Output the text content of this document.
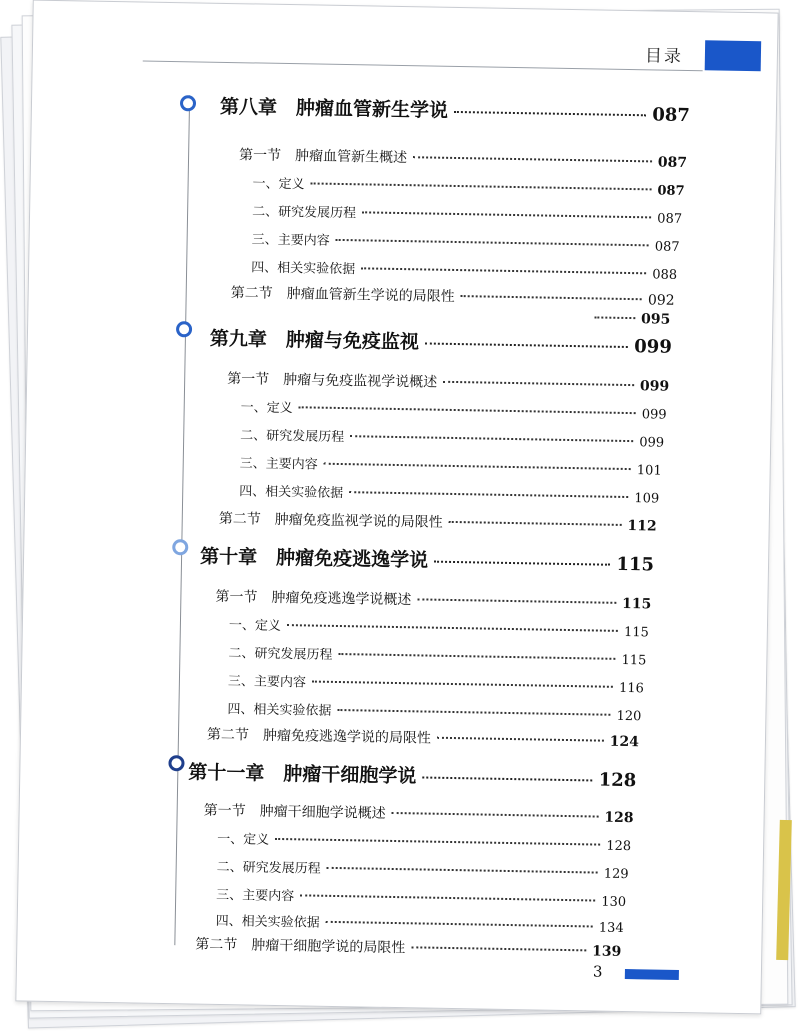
目录
第八章　肿瘤血管新生学说	087
第一节　肿瘤血管新生概述	087
一、定义	087
二、研究发展历程	087
三、主要内容	087
四、相关实验依据	088
第二节　肿瘤血管新生学说的局限性	092
095
第九章　肿瘤与免疫监视	099
第一节　肿瘤与免疫监视学说概述	099
一、定义	099
二、研究发展历程	099
三、主要内容	101
四、相关实验依据	109
第二节　肿瘤免疫监视学说的局限性	112
第十章　肿瘤免疫逃逸学说	115
第一节　肿瘤免疫逃逸学说概述	115
一、定义	115
二、研究发展历程	115
三、主要内容	116
四、相关实验依据	120
第二节　肿瘤免疫逃逸学说的局限性	124
第十一章　肿瘤干细胞学说	128
第一节　肿瘤干细胞学说概述	128
一、定义	128
二、研究发展历程	129
三、主要内容	130
四、相关实验依据	134
第二节　肿瘤干细胞学说的局限性	139
3
